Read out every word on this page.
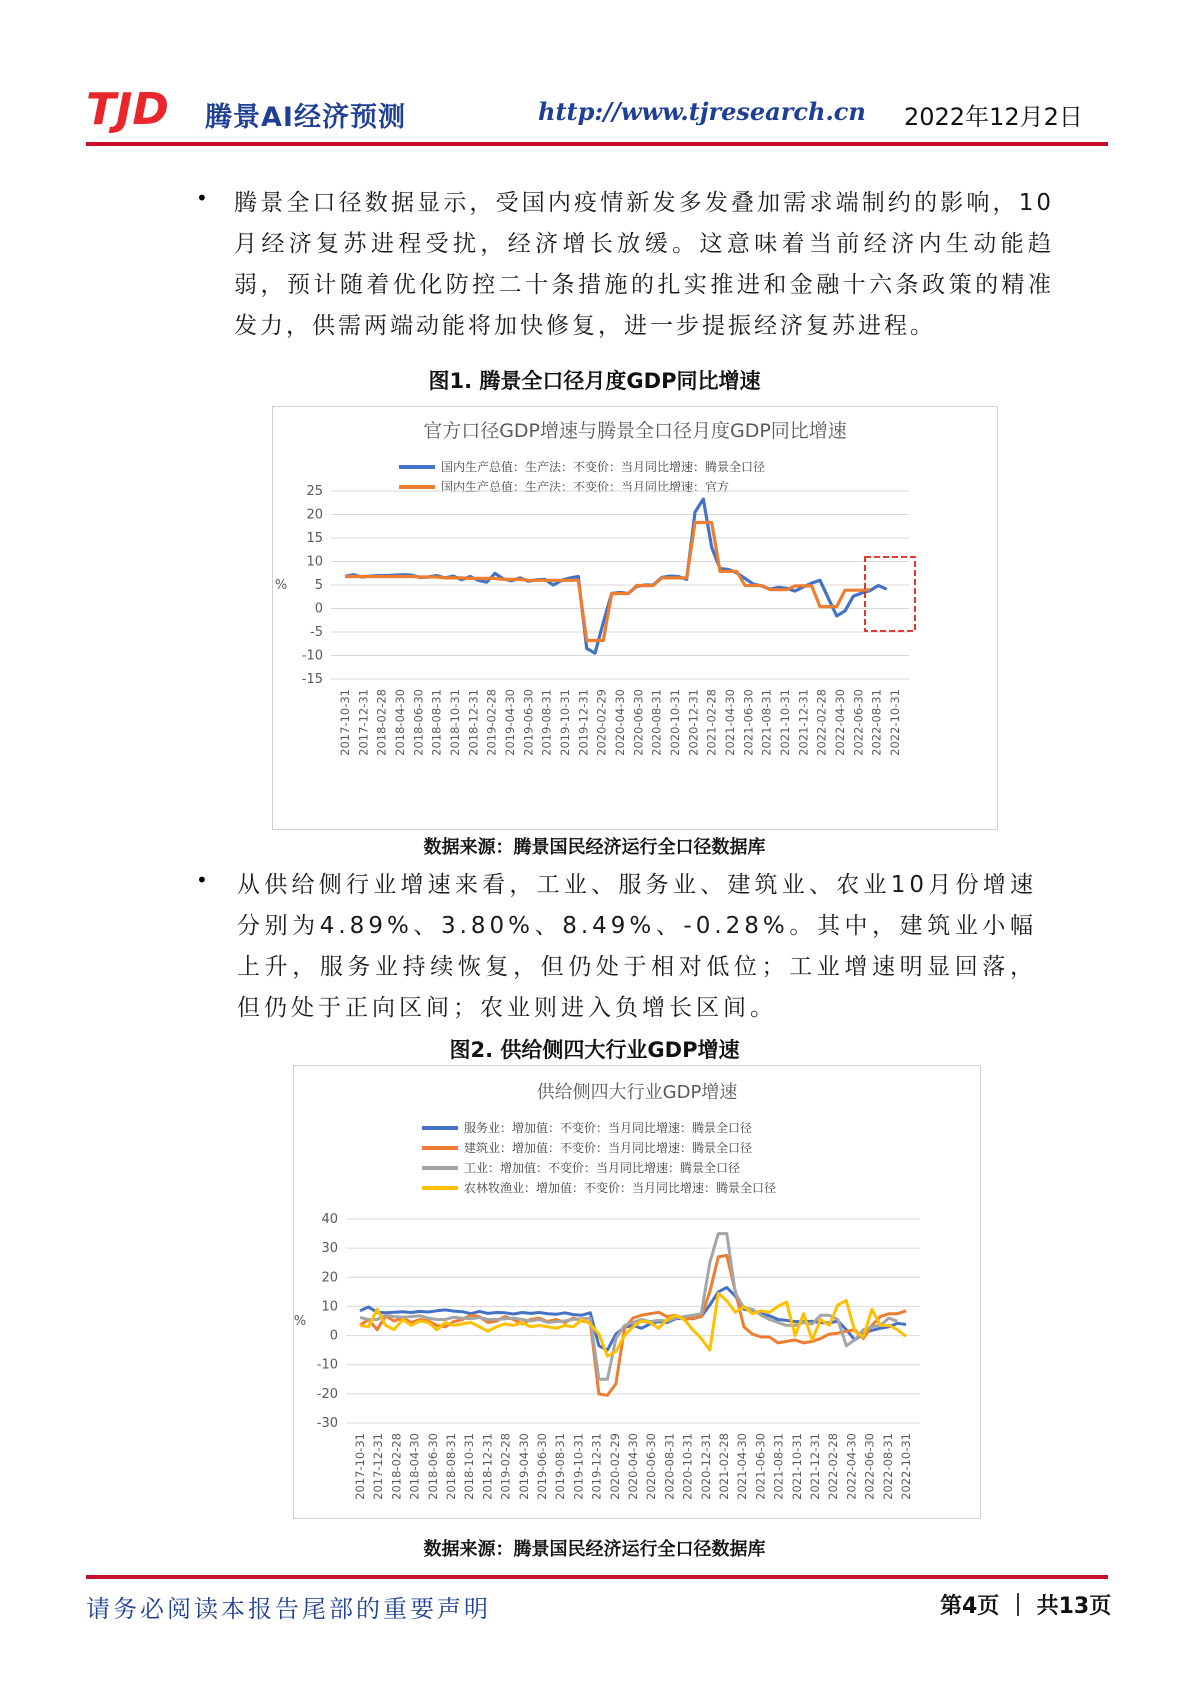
TJD 腾景AI经济预测	http://www.tjresearch.cn 2022年12月2日
• 腾景全口径数据显示，受国内疫情新发多发叠加需求端制约的影响，10月经济复苏进程受扰，经济增长放缓。这意味着当前经济内生动能趋弱，预计随着优化防控二十条措施的扎实推进和金融十六条政策的精准发力，供需两端动能将加快修复，进一步提振经济复苏进程。
图1. 腾景全口径月度GDP同比增速
官方口径GDP增速与腾景全口径月度GDP同比增速
国内生产总值：生产法：不变价：当月同比增速：腾景全口径
国内生产总值：生产法：不变价：当月同比增速：官方
25
20
15
10
5
0
-5
-10
-15
%
2017-10-31 2017-12-31 2018-02-28 2018-04-30 2018-06-30 2018-08-31 2018-10-31 2018-12-31 2019-02-28 2019-04-30 2019-06-30 2019-08-31 2019-10-31 2019-12-31 2020-02-29 2020-04-30 2020-06-30 2020-08-31 2020-10-31 2020-12-31 2021-02-28 2021-04-30 2021-06-30 2021-08-31 2021-10-31 2021-12-31 2022-02-28 2022-04-30 2022-06-30 2022-08-31 2022-10-31
数据来源：腾景国民经济运行全口径数据库
• 从供给侧行业增速来看，工业、服务业、建筑业、农业10月份增速分别为4.89%、3.80%、8.49%、-0.28%。其中，建筑业小幅上升，服务业持续恢复，但仍处于相对低位；工业增速明显回落，但仍处于正向区间；农业则进入负增长区间。
图2. 供给侧四大行业GDP增速
供给侧四大行业GDP增速
服务业：增加值：不变价：当月同比增速：腾景全口径
建筑业：增加值：不变价：当月同比增速：腾景全口径
工业：增加值：不变价：当月同比增速：腾景全口径
农林牧渔业：增加值：不变价：当月同比增速：腾景全口径
40
30
20
10
0
-10
-20
-30
%
2017-10-31 2017-12-31 2018-02-28 2018-04-30 2018-06-30 2018-08-31 2018-10-31 2018-12-31 2019-02-28 2019-04-30 2019-06-30 2019-08-31 2019-10-31 2019-12-31 2020-02-29 2020-04-30 2020-06-30 2020-08-31 2020-10-31 2020-12-31 2021-02-28 2021-04-30 2021-06-30 2021-08-31 2021-10-31 2021-12-31 2022-02-28 2022-04-30 2022-06-30 2022-08-31 2022-10-31
数据来源：腾景国民经济运行全口径数据库
请务必阅读本报告尾部的重要声明	第4页 ｜ 共13页
